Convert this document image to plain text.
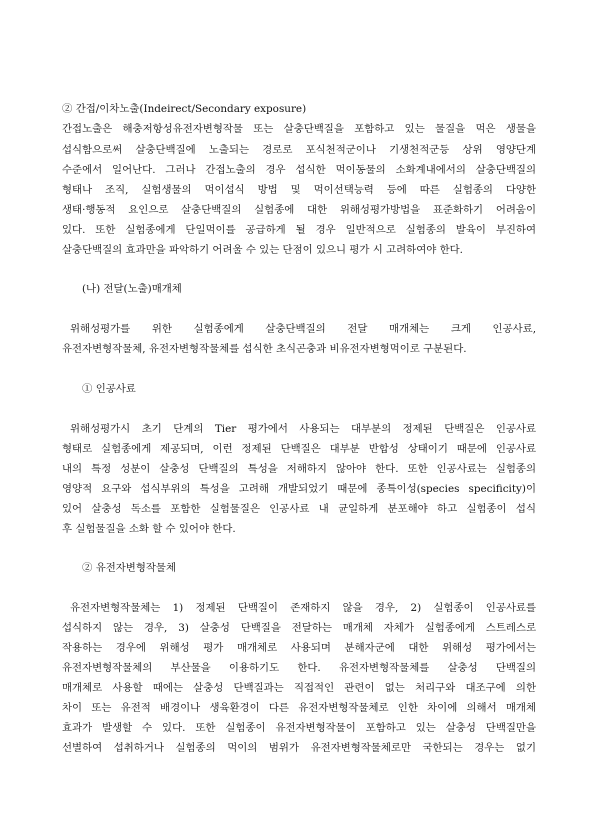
② 간접/이차노출(Indeirect/Secondary exposure)
간접노출은 해충저항성유전자변형작물 또는 살충단백질을 포함하고 있는 물질을 먹은 생물을
섭식함으로써 살충단백질에 노출되는 경로로 포식천적군이나 기생천적군등 상위 영양단계
수준에서 일어난다. 그러나 간접노출의 경우 섭식한 먹이동물의 소화계내에서의 살충단백질의
형태나 조직, 실험생물의 먹이섭식 방법 및 먹이선택능력 등에 따른 실험종의 다양한
생태·행동적 요인으로 살충단백질의 실험종에 대한 위해성평가방법을 표준화하기 어려움이
있다. 또한 실험종에게 단일먹이를 공급하게 될 경우 일반적으로 실험종의 발육이 부진하여
살충단백질의 효과만을 파악하기 어려울 수 있는 단점이 있으니 평가 시 고려하여야 한다.
(나) 전달(노출)매개체
위해성평가를 위한 실험종에게 살충단백질의 전달 매개체는 크게 인공사료,
유전자변형작물체, 유전자변형작물체를 섭식한 초식곤충과 비유전자변형먹이로 구분된다.
① 인공사료
위해성평가시 초기 단계의 Tier 평가에서 사용되는 대부분의 정제된 단백질은 인공사료
형태로 실험종에게 제공되며, 이런 정제된 단백질은 대부분 반합성 상태이기 때문에 인공사료
내의 특정 성분이 살충성 단백질의 특성을 저해하지 않아야 한다. 또한 인공사료는 실험종의
영양적 요구와 섭식부위의 특성을 고려해 개발되었기 때문에 종특이성(species specificity)이
있어 살충성 독소를 포함한 실험물질은 인공사료 내 균일하게 분포해야 하고 실험종이 섭식
후 실험물질을 소화 할 수 있어야 한다.
② 유전자변형작물체
유전자변형작물체는 1) 정제된 단백질이 존재하지 않을 경우, 2) 실험종이 인공사료를
섭식하지 않는 경우, 3) 살충성 단백질을 전달하는 매개체 자체가 실험종에게 스트레스로
작용하는 경우에 위해성 평가 매개체로 사용되며 분해자군에 대한 위해성 평가에서는
유전자변형작물체의 부산물을 이용하기도 한다. 유전자변형작물체를 살충성 단백질의
매개체로 사용할 때에는 살충성 단백질과는 직접적인 관련이 없는 처리구와 대조구에 의한
차이 또는 유전적 배경이나 생육환경이 다른 유전자변형작물체로 인한 차이에 의해서 매개체
효과가 발생할 수 있다. 또한 실험종이 유전자변형작물이 포함하고 있는 살충성 단백질만을
선별하여 섭취하거나 실험종의 먹이의 범위가 유전자변형작물체로만 국한되는 경우는 없기
